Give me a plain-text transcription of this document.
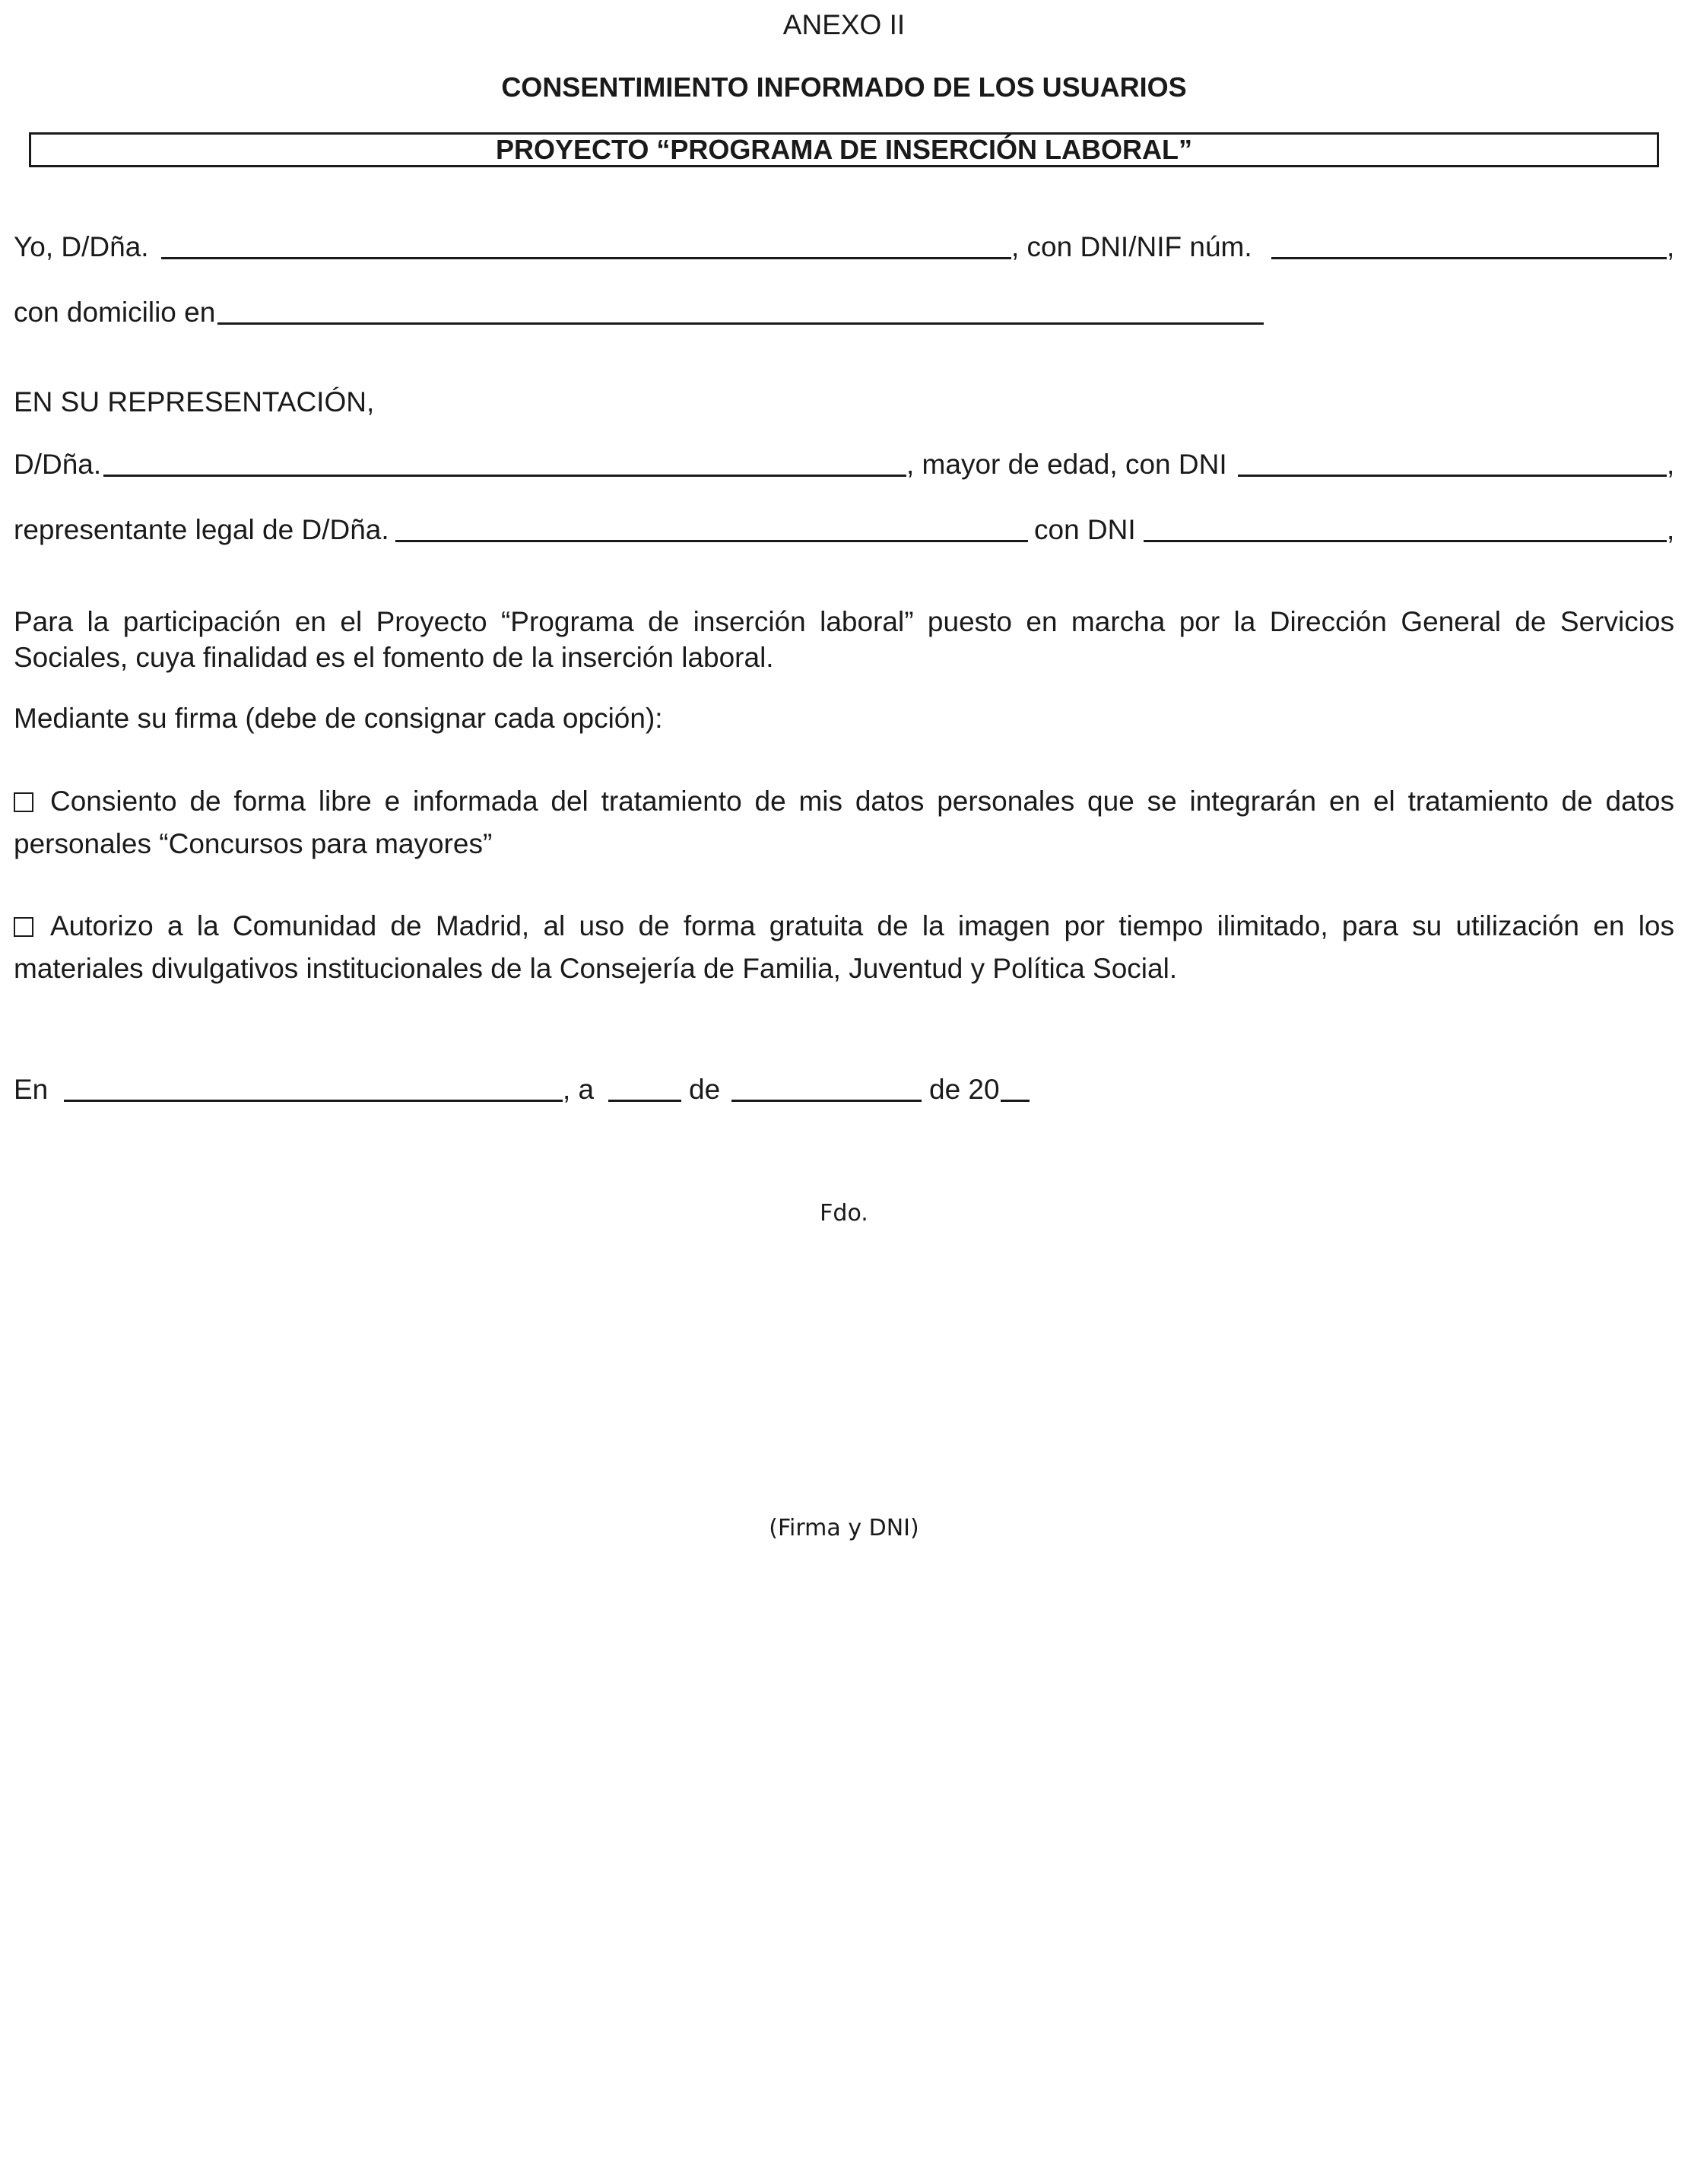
ANEXO II
CONSENTIMIENTO INFORMADO DE LOS USUARIOS
PROYECTO “PROGRAMA DE INSERCIÓN LABORAL”
Yo, D/Dña.	, con DNI/NIF núm.	,
con domicilio en
EN SU REPRESENTACIÓN,
D/Dña.	, mayor de edad, con DNI	,
representante legal de D/Dña.	con DNI	,
Para la participación en el Proyecto “Programa de inserción laboral” puesto en marcha por la Dirección General de Servicios Sociales, cuya finalidad es el fomento de la inserción laboral.
Mediante su firma (debe de consignar cada opción):
Consiento de forma libre e informada del tratamiento de mis datos personales que se integrarán en el tratamiento de datos personales “Concursos para mayores”
Autorizo a la Comunidad de Madrid, al uso de forma gratuita de la imagen por tiempo ilimitado, para su utilización en los materiales divulgativos institucionales de la Consejería de Familia, Juventud y Política Social.
En	, a	de	de 20
Fdo.
(Firma y DNI)
